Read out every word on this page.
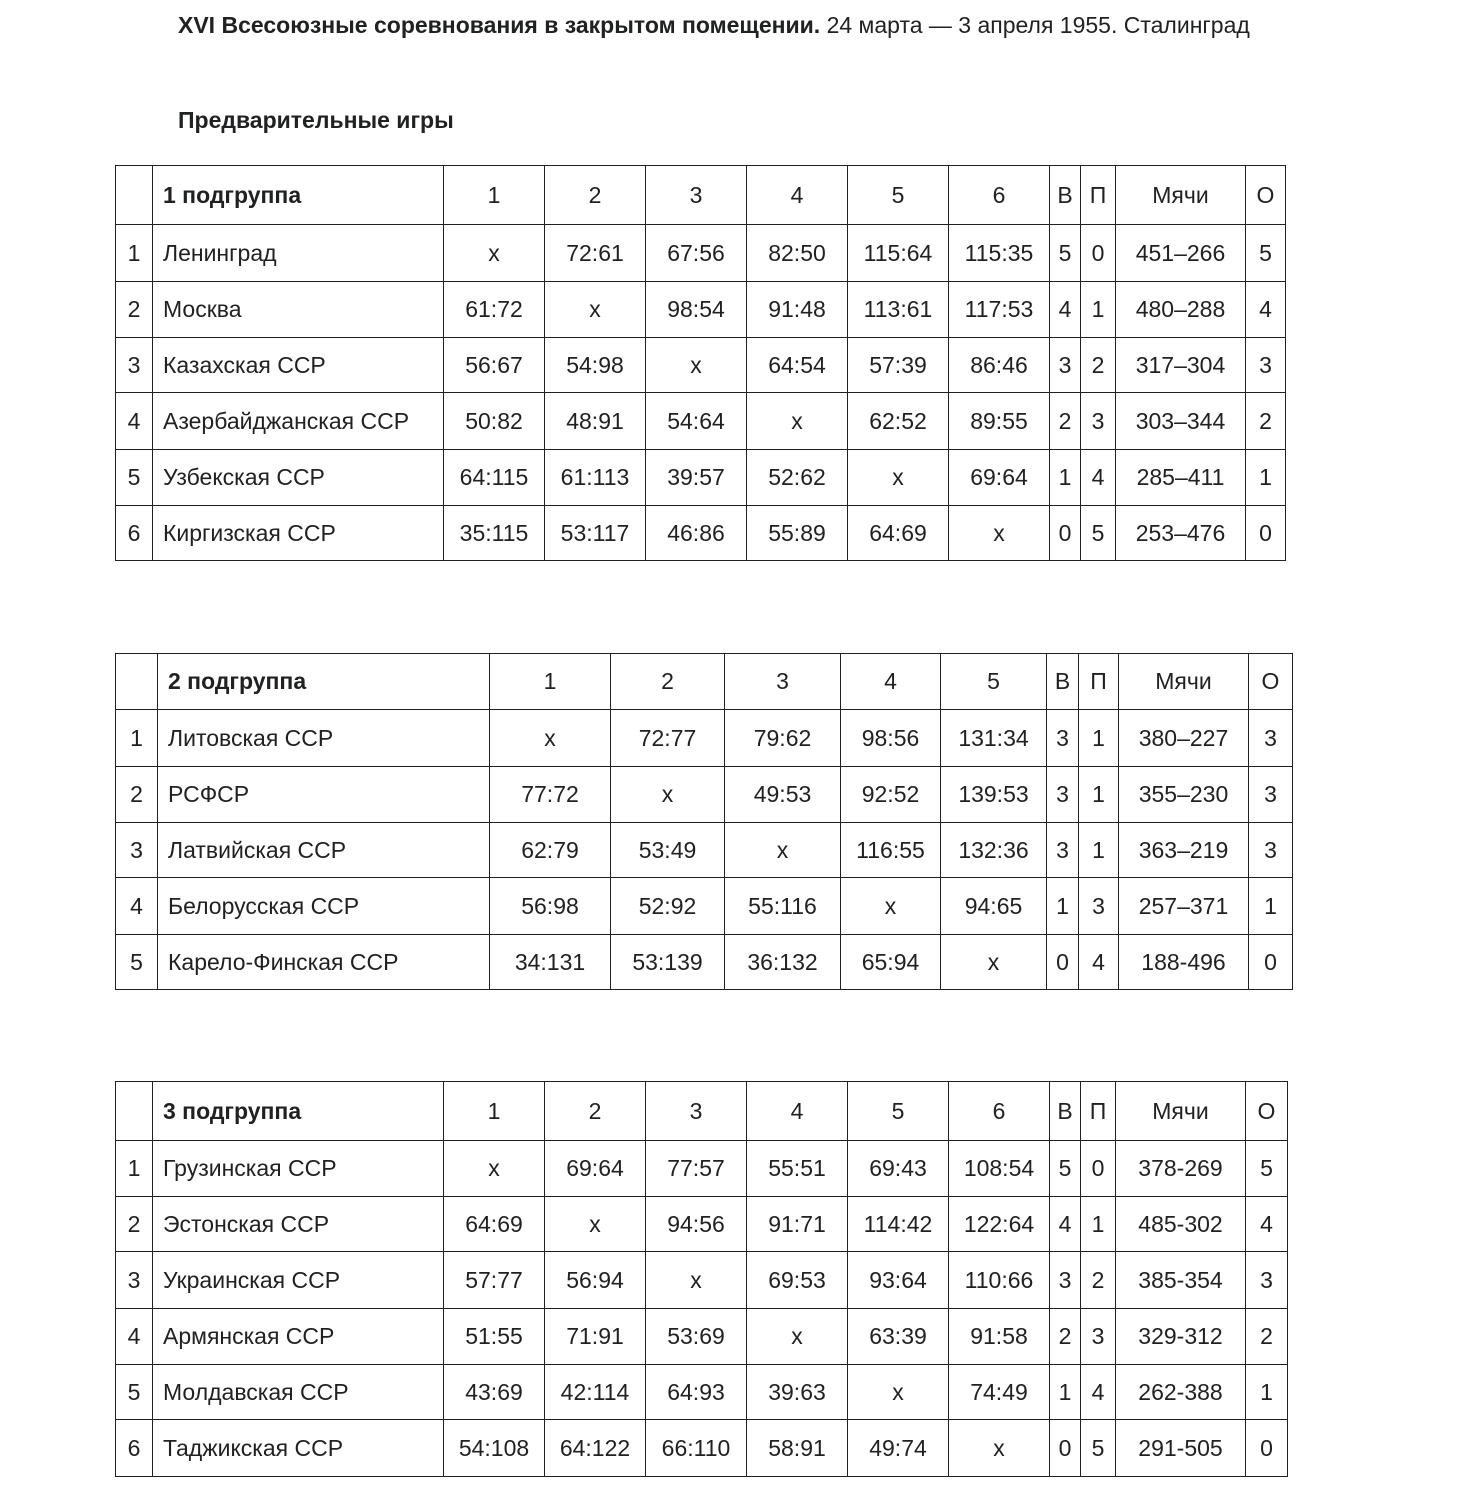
XVI Всесоюзные соревнования в закрытом помещении. 24 марта — 3 апреля 1955. Сталинград
Предварительные игры
	1 подгруппа	1	2	3	4	5	6	В	П	Мячи	О
1	Ленинград	x	72:61	67:56	82:50	115:64	115:35	5	0	451–266	5
2	Москва	61:72	x	98:54	91:48	113:61	117:53	4	1	480–288	4
3	Казахская ССР	56:67	54:98	x	64:54	57:39	86:46	3	2	317–304	3
4	Азербайджанская ССР	50:82	48:91	54:64	x	62:52	89:55	2	3	303–344	2
5	Узбекская ССР	64:115	61:113	39:57	52:62	x	69:64	1	4	285–411	1
6	Киргизская ССР	35:115	53:117	46:86	55:89	64:69	x	0	5	253–476	0
	2 подгруппа	1	2	3	4	5	В	П	Мячи	О
1	Литовская ССР	x	72:77	79:62	98:56	131:34	3	1	380–227	3
2	РСФСР	77:72	x	49:53	92:52	139:53	3	1	355–230	3
3	Латвийская ССР	62:79	53:49	x	116:55	132:36	3	1	363–219	3
4	Белорусская ССР	56:98	52:92	55:116	x	94:65	1	3	257–371	1
5	Карело-Финская ССР	34:131	53:139	36:132	65:94	x	0	4	188-496	0
	3 подгруппа	1	2	3	4	5	6	В	П	Мячи	О
1	Грузинская ССР	x	69:64	77:57	55:51	69:43	108:54	5	0	378-269	5
2	Эстонская ССР	64:69	x	94:56	91:71	114:42	122:64	4	1	485-302	4
3	Украинская ССР	57:77	56:94	x	69:53	93:64	110:66	3	2	385-354	3
4	Армянская ССР	51:55	71:91	53:69	x	63:39	91:58	2	3	329-312	2
5	Молдавская ССР	43:69	42:114	64:93	39:63	x	74:49	1	4	262-388	1
6	Таджикская ССР	54:108	64:122	66:110	58:91	49:74	x	0	5	291-505	0
